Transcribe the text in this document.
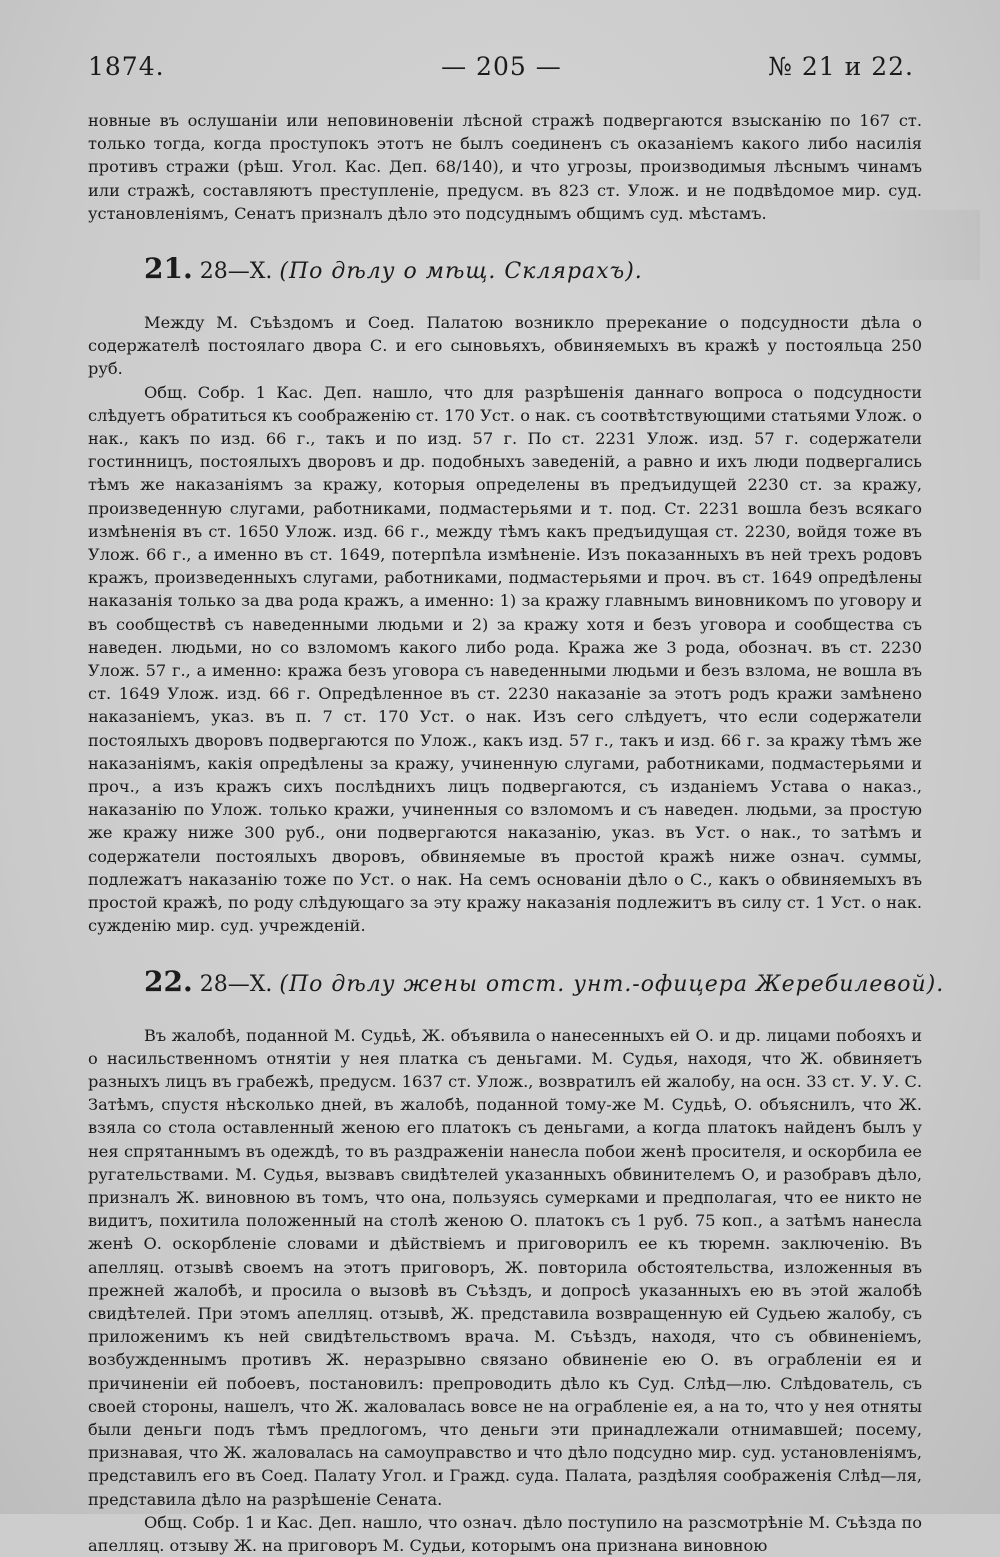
1874.	— 205 —	№ 21 и 22.

новные въ ослушаніи или неповиновеніи лѣсной стражѣ подвергаются взысканію по 167 ст. только тогда, когда проступокъ этотъ не былъ соединенъ съ оказаніемъ какого либо насилія противъ стражи (рѣш. Угол. Кас. Деп. 68/140), и что угрозы, производимыя лѣснымъ чинамъ или стражѣ, составляютъ преступленіе, предусм. въ 823 ст. Улож. и не подвѣдомое мир. суд. установленіямъ, Сенатъ призналъ дѣло это подсуднымъ общимъ суд. мѣстамъ.

21. 28—X. (По дѣлу о мѣщ. Склярахъ).

Между М. Съѣздомъ и Соед. Палатою возникло пререкание о подсудности дѣла о содержателѣ постоялаго двора С. и его сыновьяхъ, обвиняемыхъ въ кражѣ у постояльца 250 руб.

Общ. Собр. 1 Кас. Деп. нашло, что для разрѣшенія даннаго вопроса о подсудности слѣдуетъ обратиться къ соображенію ст. 170 Уст. о нак. съ соотвѣтствующими статьями Улож. о нак., какъ по изд. 66 г., такъ и по изд. 57 г. По ст. 2231 Улож. изд. 57 г. содержатели гостинницъ, постоялыхъ дворовъ и др. подобныхъ заведеній, а равно и ихъ люди подвергались тѣмъ же наказаніямъ за кражу, которыя определены въ предъидущей 2230 ст. за кражу, произведенную слугами, работниками, подмастерьями и т. под. Ст. 2231 вошла безъ всякаго измѣненія въ ст. 1650 Улож. изд. 66 г., между тѣмъ какъ предъидущая ст. 2230, войдя тоже въ Улож. 66 г., а именно въ ст. 1649, потерпѣла измѣненіе. Изъ показанныхъ въ ней трехъ родовъ кражъ, произведенныхъ слугами, работниками, подмастерьями и проч. въ ст. 1649 опредѣлены наказанія только за два рода кражъ, а именно: 1) за кражу главнымъ виновникомъ по уговору и въ сообществѣ съ наведенными людьми и 2) за кражу хотя и безъ уговора и сообщества съ наведен. людьми, но со взломомъ какого либо рода. Кража же 3 рода, обознач. въ ст. 2230 Улож. 57 г., а именно: кража безъ уговора съ наведенными людьми и безъ взлома, не вошла въ ст. 1649 Улож. изд. 66 г. Опредѣленное въ ст. 2230 наказаніе за этотъ родъ кражи замѣнено наказаніемъ, указ. въ п. 7 ст. 170 Уст. о нак. Изъ сего слѣдуетъ, что если содержатели постоялыхъ дворовъ подвергаются по Улож., какъ изд. 57 г., такъ и изд. 66 г. за кражу тѣмъ же наказаніямъ, какія опредѣлены за кражу, учиненную слугами, работниками, подмастерьями и проч., а изъ кражъ сихъ послѣднихъ лицъ подвергаются, съ изданіемъ Устава о наказ., наказанію по Улож. только кражи, учиненныя со взломомъ и съ наведен. людьми, за простую же кражу ниже 300 руб., они подвергаются наказанію, указ. въ Уст. о нак., то затѣмъ и содержатели постоялыхъ дворовъ, обвиняемые въ простой кражѣ ниже означ. суммы, подлежатъ наказанію тоже по Уст. о нак. На семъ основаніи дѣло о С., какъ о обвиняемыхъ въ простой кражѣ, по роду слѣдующаго за эту кражу наказанія подлежитъ въ силу ст. 1 Уст. о нак. сужденію мир. суд. учрежденій.

22. 28—X. (По дѣлу жены отст. унт.-офицера Жеребилевой).

Въ жалобѣ, поданной М. Судьѣ, Ж. объявила о нанесенныхъ ей О. и др. лицами побояхъ и о насильственномъ отнятіи у нея платка съ деньгами. М. Судья, находя, что Ж. обвиняетъ разныхъ лицъ въ грабежѣ, предусм. 1637 ст. Улож., возвратилъ ей жалобу, на осн. 33 ст. У. У. С. Затѣмъ, спустя нѣсколько дней, въ жалобѣ, поданной тому-же М. Судьѣ, О. объяснилъ, что Ж. взяла со стола оставленный женою его платокъ съ деньгами, а когда платокъ найденъ былъ у нея спрятаннымъ въ одеждѣ, то въ раздраженіи нанесла побои женѣ просителя, и оскорбила ее ругательствами. М. Судья, вызвавъ свидѣтелей указанныхъ обвинителемъ О, и разобравъ дѣло, призналъ Ж. виновною въ томъ, что она, пользуясь сумерками и предполагая, что ее никто не видитъ, похитила положенный на столѣ женою О. платокъ съ 1 руб. 75 коп., а затѣмъ нанесла женѣ О. оскорбленіе словами и дѣйствіемъ и приговорилъ ее къ тюремн. заключенію. Въ апелляц. отзывѣ своемъ на этотъ приговоръ, Ж. повторила обстоятельства, изложенныя въ прежней жалобѣ, и просила о вызовѣ въ Съѣздъ, и допросѣ указанныхъ ею въ этой жалобѣ свидѣтелей. При этомъ апелляц. отзывѣ, Ж. представила возвращенную ей Судьею жалобу, съ приложенимъ къ ней свидѣтельствомъ врача. М. Съѣздъ, находя, что съ обвиненіемъ, возбужденнымъ противъ Ж. неразрывно связано обвиненіе ею О. въ ограбленіи ея и причиненіи ей побоевъ, постановилъ: препроводить дѣло къ Суд. Слѣд—лю. Слѣдователь, съ своей стороны, нашелъ, что Ж. жаловалась вовсе не на ограбленіе ея, а на то, что у нея отняты были деньги подъ тѣмъ предлогомъ, что деньги эти принадлежали отнимавшей; посему, признавая, что Ж. жаловалась на самоуправство и что дѣло подсудно мир. суд. установленіямъ, представилъ его въ Соед. Палату Угол. и Гражд. суда. Палата, раздѣляя соображенія Слѣд—ля, представила дѣло на разрѣшеніе Сената.

Общ. Собр. 1 и Кас. Деп. нашло, что означ. дѣло поступило на разсмотрѣніе М. Съѣзда по апелляц. отзыву Ж. на приговоръ М. Судьи, которымъ она признана виновною
